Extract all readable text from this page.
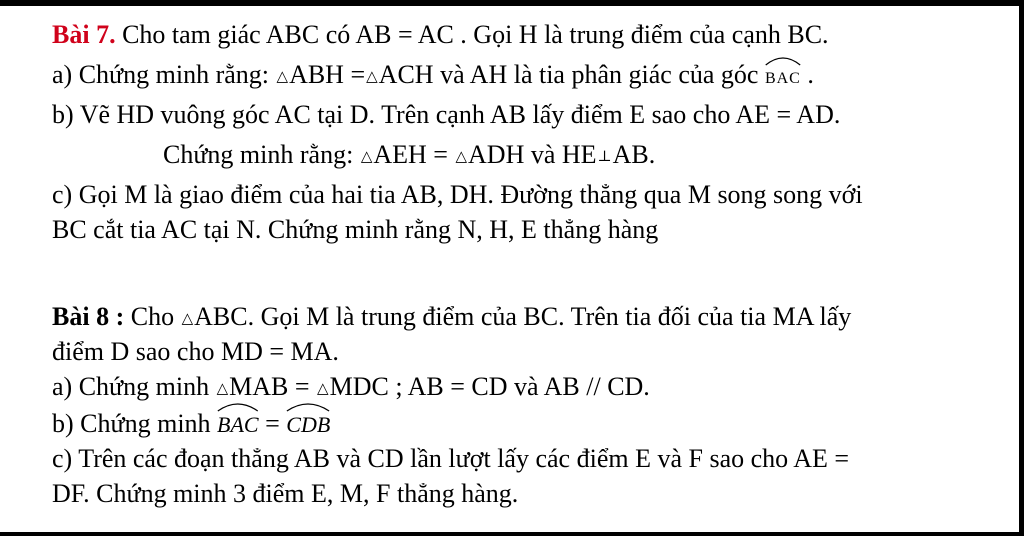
Bài 7. Cho tam giác ABC có AB = AC . Gọi H là trung điểm của cạnh BC.

a) Chứng minh rằng: △ABH =△ACH và AH là tia phân giác của góc
BAC .

b) Vẽ HD vuông góc AC tại D. Trên cạnh AB lấy điểm E sao cho AE = AD.

Chứng minh rằng: △AEH = △ADH và HE⊥AB.

c) Gọi M là giao điểm của hai tia AB, DH. Đường thẳng qua M song song với

BC cắt tia AC tại N. Chứng minh rằng N, H, E thẳng hàng

Bài 8 : Cho △ABC. Gọi M là trung điểm của BC. Trên tia đối của tia MA lấy

điểm D sao cho MD = MA.

a) Chứng minh △MAB = △MDC ; AB = CD và AB // CD.

b) Chứng minh
BAC =
CDB

c) Trên các đoạn thẳng AB và CD lần lượt lấy các điểm E và F sao cho AE =

DF. Chứng minh 3 điểm E, M, F thẳng hàng.
